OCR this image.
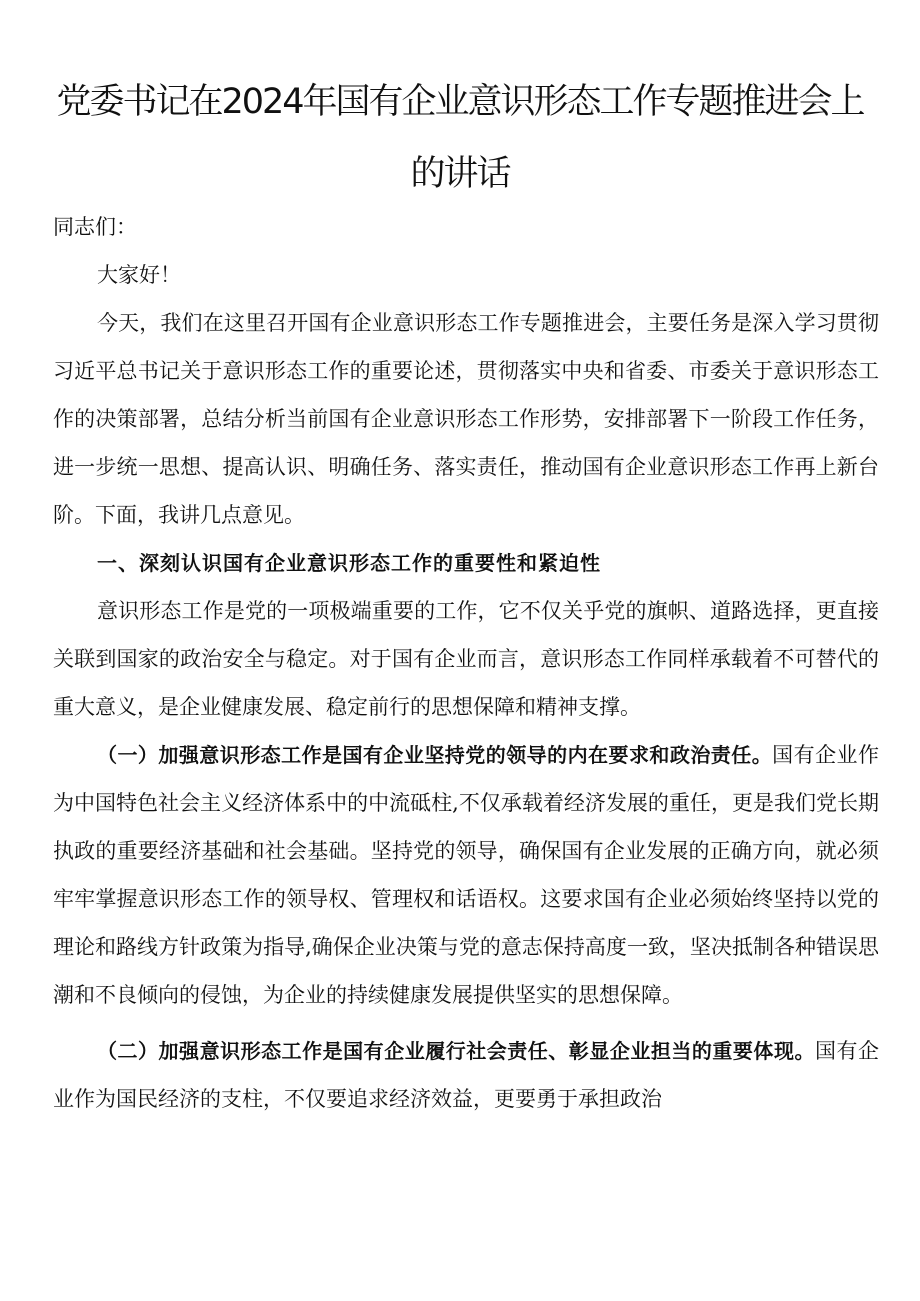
党委书记在2024年国有企业意识形态工作专题推进会上的讲话

同志们：

大家好！

今天，我们在这里召开国有企业意识形态工作专题推进会，主要任务是深入学习贯彻习近平总书记关于意识形态工作的重要论述，贯彻落实中央和省委、市委关于意识形态工作的决策部署，总结分析当前国有企业意识形态工作形势，安排部署下一阶段工作任务，进一步统一思想、提高认识、明确任务、落实责任，推动国有企业意识形态工作再上新台阶。下面，我讲几点意见。

一、深刻认识国有企业意识形态工作的重要性和紧迫性

意识形态工作是党的一项极端重要的工作，它不仅关乎党的旗帜、道路选择，更直接关联到国家的政治安全与稳定。对于国有企业而言，意识形态工作同样承载着不可替代的重大意义，是企业健康发展、稳定前行的思想保障和精神支撑。

（一）加强意识形态工作是国有企业坚持党的领导的内在要求和政治责任。国有企业作为中国特色社会主义经济体系中的中流砥柱,不仅承载着经济发展的重任，更是我们党长期执政的重要经济基础和社会基础。坚持党的领导，确保国有企业发展的正确方向，就必须牢牢掌握意识形态工作的领导权、管理权和话语权。这要求国有企业必须始终坚持以党的理论和路线方针政策为指导,确保企业决策与党的意志保持高度一致，坚决抵制各种错误思潮和不良倾向的侵蚀，为企业的持续健康发展提供坚实的思想保障。

（二）加强意识形态工作是国有企业履行社会责任、彰显企业担当的重要体现。国有企业作为国民经济的支柱，不仅要追求经济效益，更要勇于承担政治
